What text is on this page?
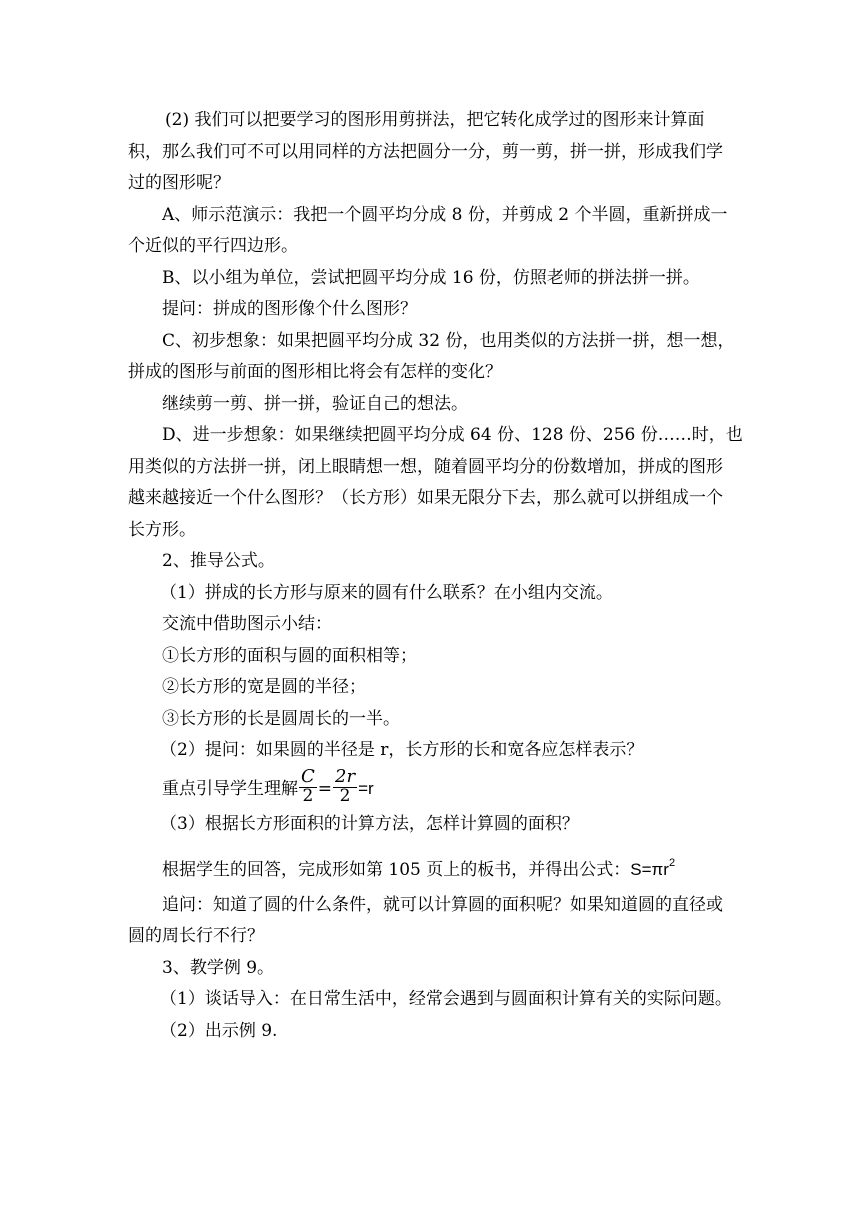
(2) 我们可以把要学习的图形用剪拼法，把它转化成学过的图形来计算面

积，那么我们可不可以用同样的方法把圆分一分，剪一剪，拼一拼，形成我们学

过的图形呢？

A、师示范演示：我把一个圆平均分成 8 份，并剪成 2 个半圆，重新拼成一

个近似的平行四边形。

B、以小组为单位，尝试把圆平均分成 16 份，仿照老师的拼法拼一拼。

提问：拼成的图形像个什么图形？

C、初步想象：如果把圆平均分成 32 份，也用类似的方法拼一拼，想一想，

拼成的图形与前面的图形相比将会有怎样的变化？

继续剪一剪、拼一拼，验证自己的想法。

D、进一步想象：如果继续把圆平均分成 64 份、128 份、256 份……时，也

用类似的方法拼一拼，闭上眼睛想一想，随着圆平均分的份数增加，拼成的图形

越来越接近一个什么图形？（长方形）如果无限分下去，那么就可以拼组成一个

长方形。

2、推导公式。

（1）拼成的长方形与原来的圆有什么联系？在小组内交流。

交流中借助图示小结：

①长方形的面积与圆的面积相等；

②长方形的宽是圆的半径；

③长方形的长是圆周长的一半。

（2）提问：如果圆的半径是 r，长方形的长和宽各应怎样表示？

重点引导学生理解 $\frac{C}{2} = \frac{2r}{2} =r$

（3）根据长方形面积的计算方法，怎样计算圆的面积？

根据学生的回答，完成形如第 105 页上的板书，并得出公式：$S=\pi r^2$

追问：知道了圆的什么条件，就可以计算圆的面积呢？如果知道圆的直径或

圆的周长行不行？

3、教学例 9。

（1）谈话导入：在日常生活中，经常会遇到与圆面积计算有关的实际问题。

（2）出示例 9.
